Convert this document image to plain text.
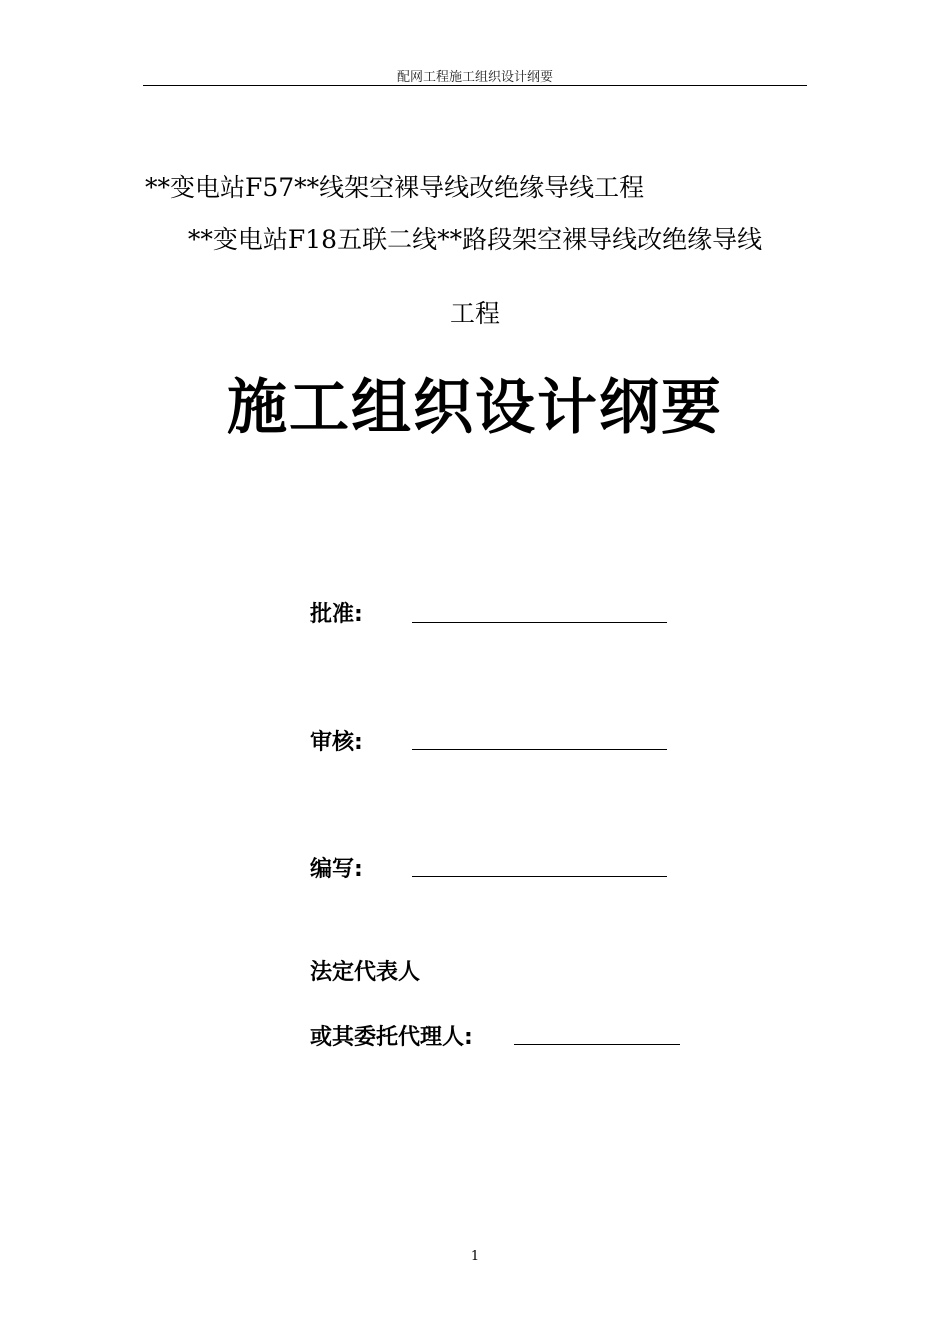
配网工程施工组织设计纲要
**变电站F57**线架空裸导线改绝缘导线工程
**变电站F18五联二线**路段架空裸导线改绝缘导线
工程
施工组织设计纲要
批准:
审核:
编写:
法定代表人
或其委托代理人:
1
